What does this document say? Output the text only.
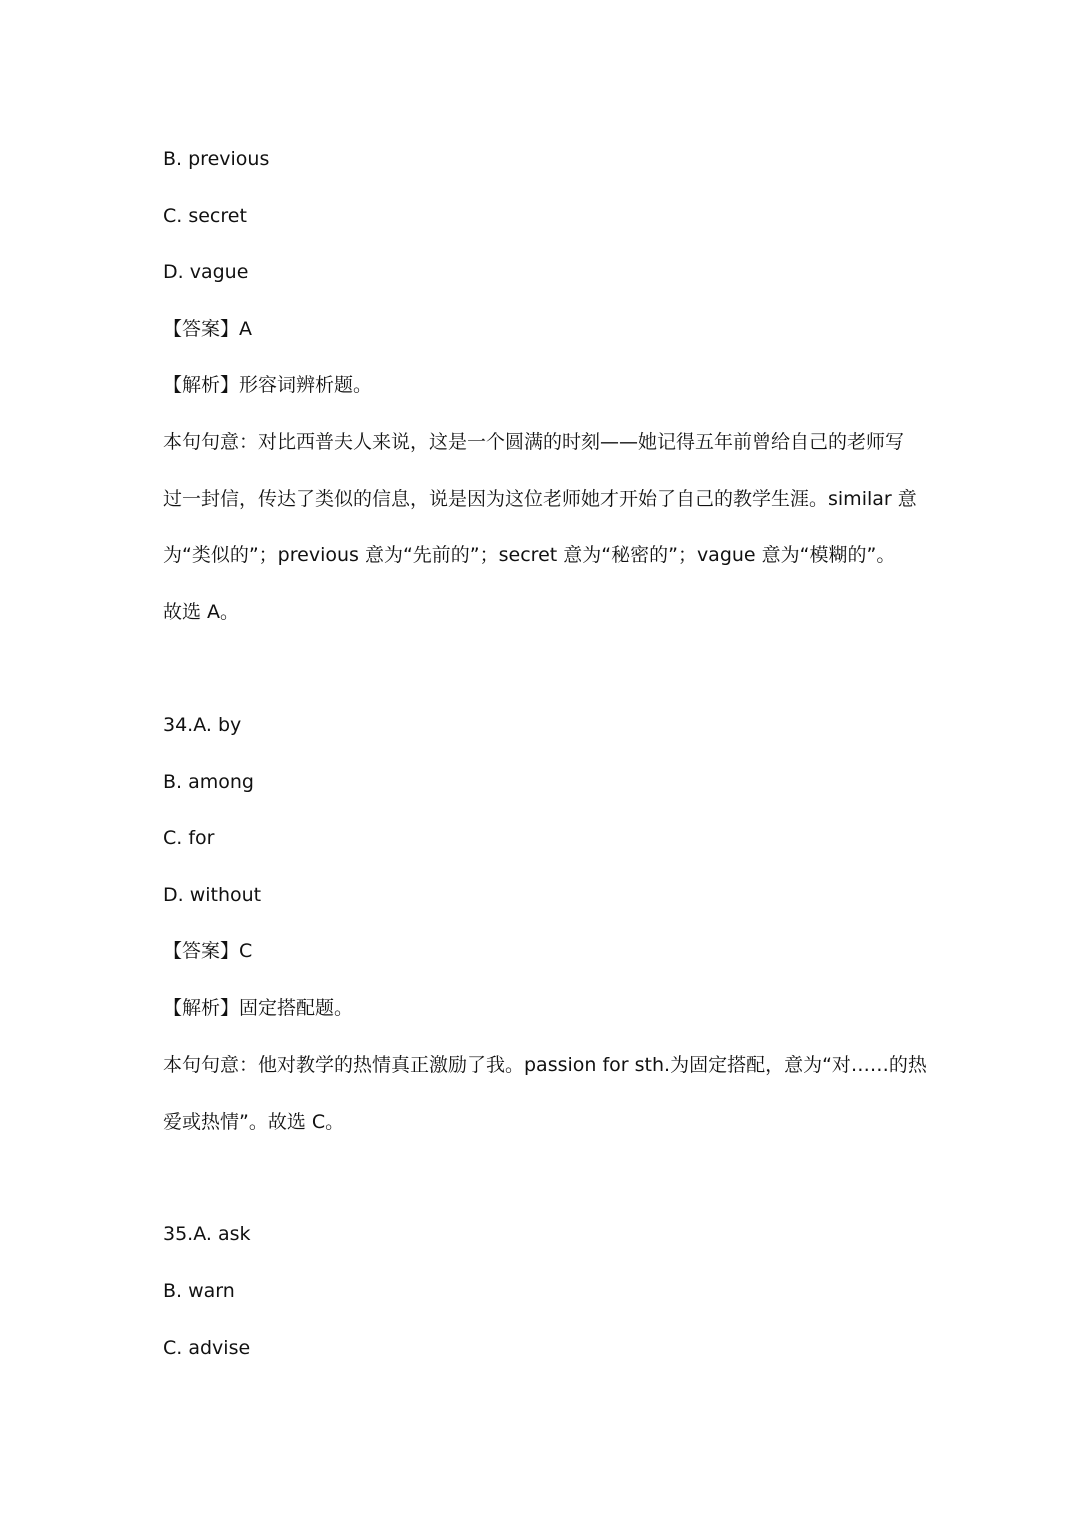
B. previous
C. secret
D. vague
【答案】A
【解析】形容词辨析题。
本句句意：对比西普夫人来说，这是一个圆满的时刻——她记得五年前曾给自己的老师写
过一封信，传达了类似的信息，说是因为这位老师她才开始了自己的教学生涯。similar 意
为“类似的”；previous 意为“先前的”；secret 意为“秘密的”；vague 意为“模糊的”。
故选 A。
34.A. by
B. among
C. for
D. without
【答案】C
【解析】固定搭配题。
本句句意：他对教学的热情真正激励了我。passion for sth.为固定搭配，意为“对……的热
爱或热情”。故选 C。
35.A. ask
B. warn
C. advise
